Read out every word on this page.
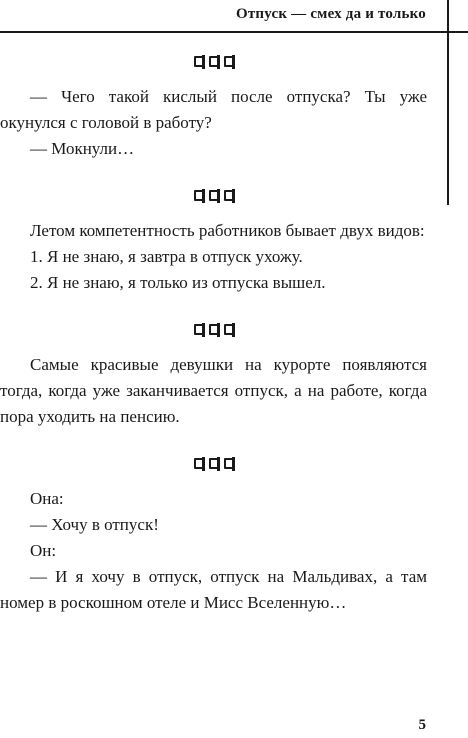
Отпуск — смех да и только

— Чего такой кислый после отпуска? Ты уже окунулся с головой в работу?

— Мокнули…

Летом компетентность работников бывает двух видов:

1. Я не знаю, я завтра в отпуск ухожу.

2. Я не знаю, я только из отпуска вышел.

Самые красивые девушки на курорте появляются тогда, когда уже заканчивается отпуск, а на работе, когда пора уходить на пенсию.

Она:

— Хочу в отпуск!

Он:

— И я хочу в отпуск, отпуск на Мальдивах, а там номер в роскошном отеле и Мисс Вселенную…

5
